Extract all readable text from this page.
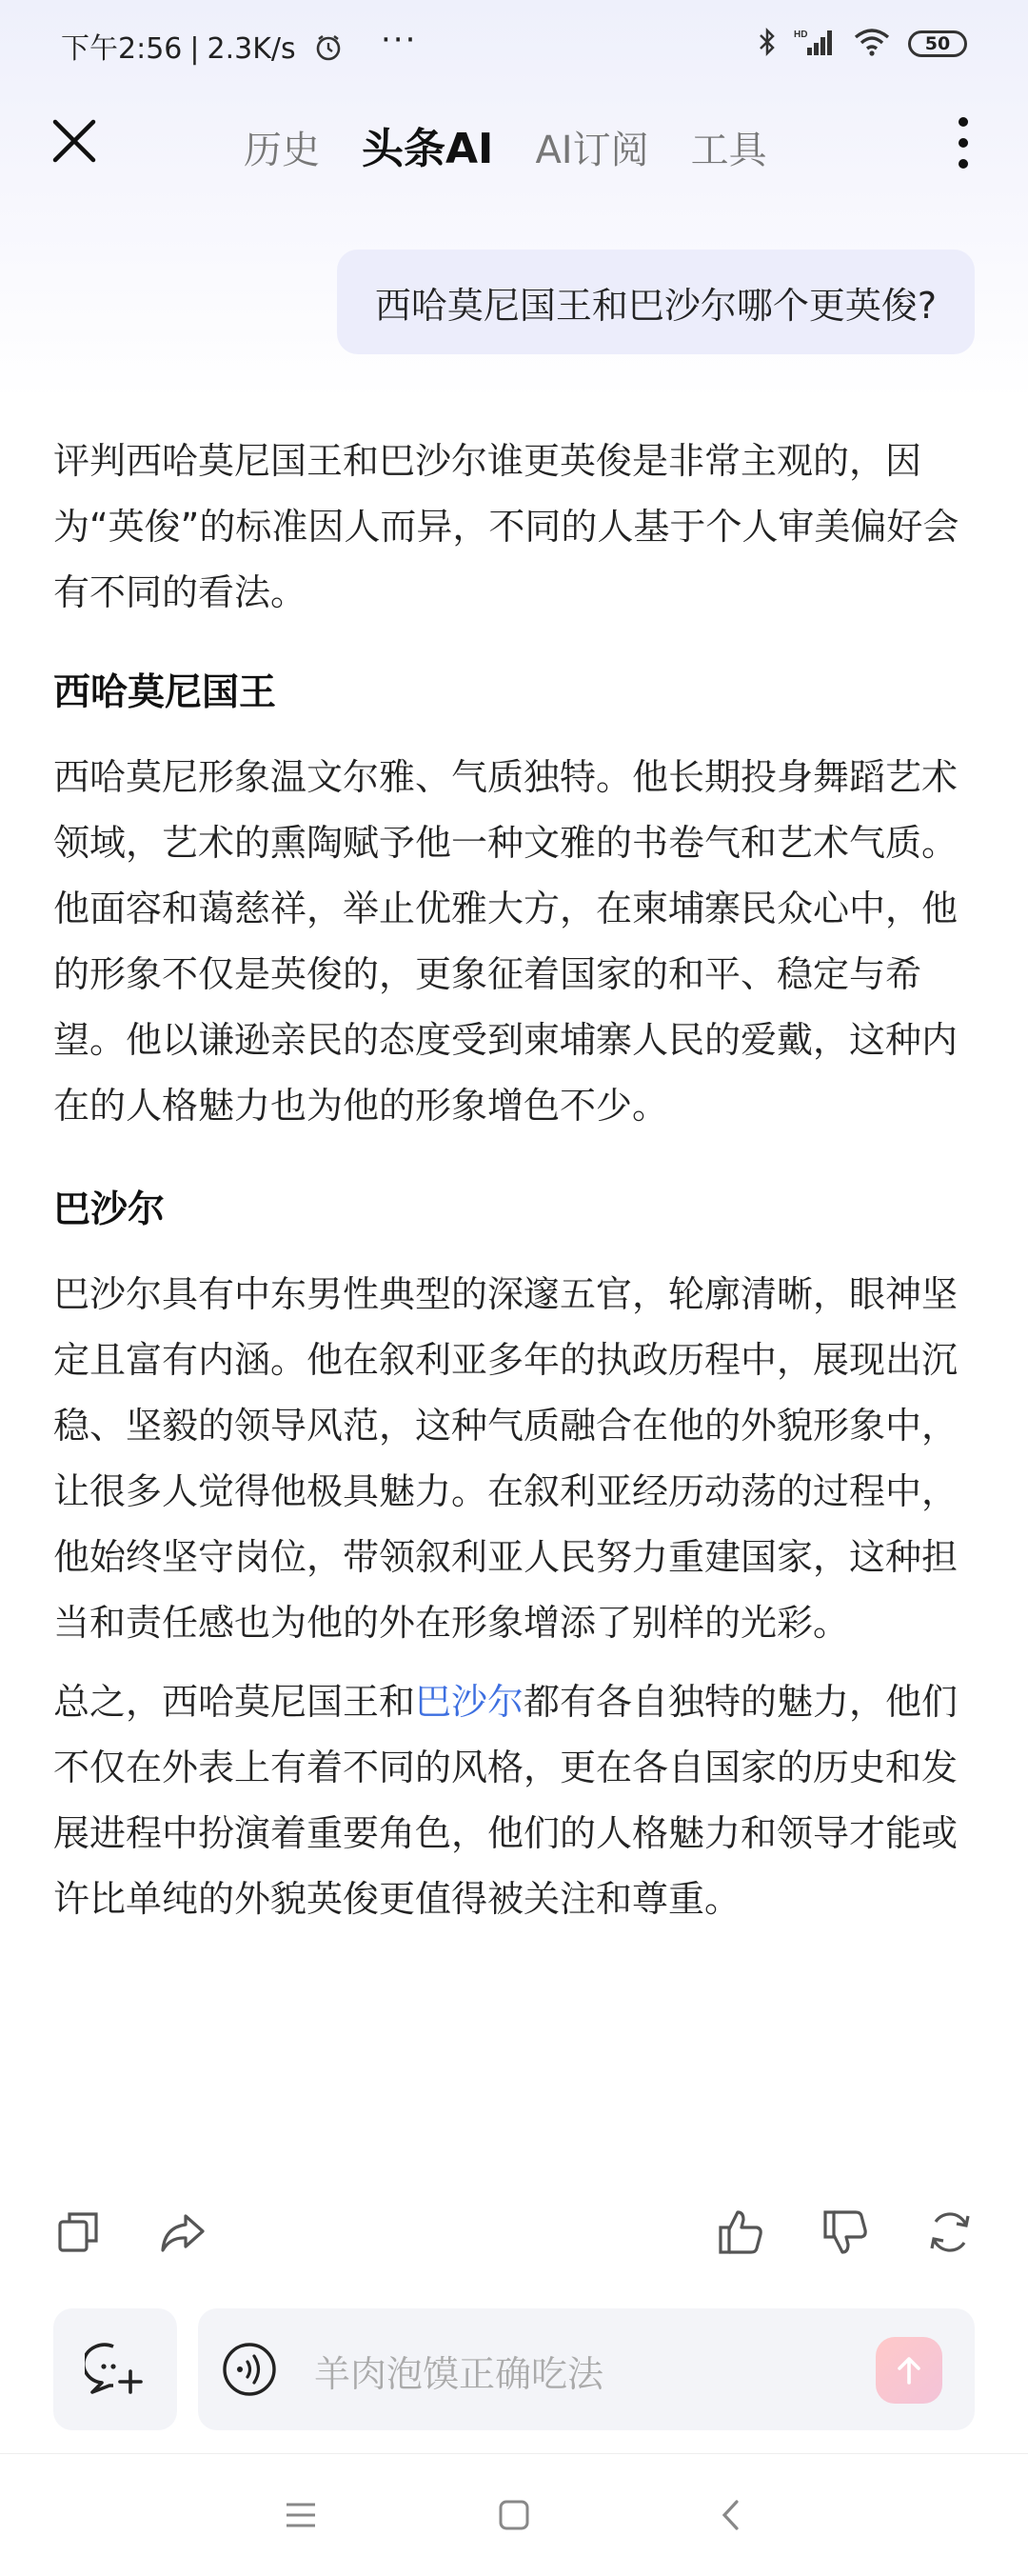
下午2:56 | 2.3K/s	···	HD	50
历史 头条AI AI订阅 工具
西哈莫尼国王和巴沙尔哪个更英俊?

评判西哈莫尼国王和巴沙尔谁更英俊是非常主观的，因为“英俊”的标准因人而异，不同的人基于个人审美偏好会有不同的看法。

西哈莫尼国王

西哈莫尼形象温文尔雅、气质独特。他长期投身舞蹈艺术领域，艺术的熏陶赋予他一种文雅的书卷气和艺术气质。他面容和蔼慈祥，举止优雅大方，在柬埔寨民众心中，他的形象不仅是英俊的，更象征着国家的和平、稳定与希望。他以谦逊亲民的态度受到柬埔寨人民的爱戴，这种内在的人格魅力也为他的形象增色不少。

巴沙尔

巴沙尔具有中东男性典型的深邃五官，轮廓清晰，眼神坚定且富有内涵。他在叙利亚多年的执政历程中，展现出沉稳、坚毅的领导风范，这种气质融合在他的外貌形象中，让很多人觉得他极具魅力。在叙利亚经历动荡的过程中，他始终坚守岗位，带领叙利亚人民努力重建国家，这种担当和责任感也为他的外在形象增添了别样的光彩。

总之，西哈莫尼国王和巴沙尔都有各自独特的魅力，他们不仅在外表上有着不同的风格，更在各自国家的历史和发展进程中扮演着重要角色，他们的人格魅力和领导才能或许比单纯的外貌英俊更值得被关注和尊重。

羊肉泡馍正确吃法
